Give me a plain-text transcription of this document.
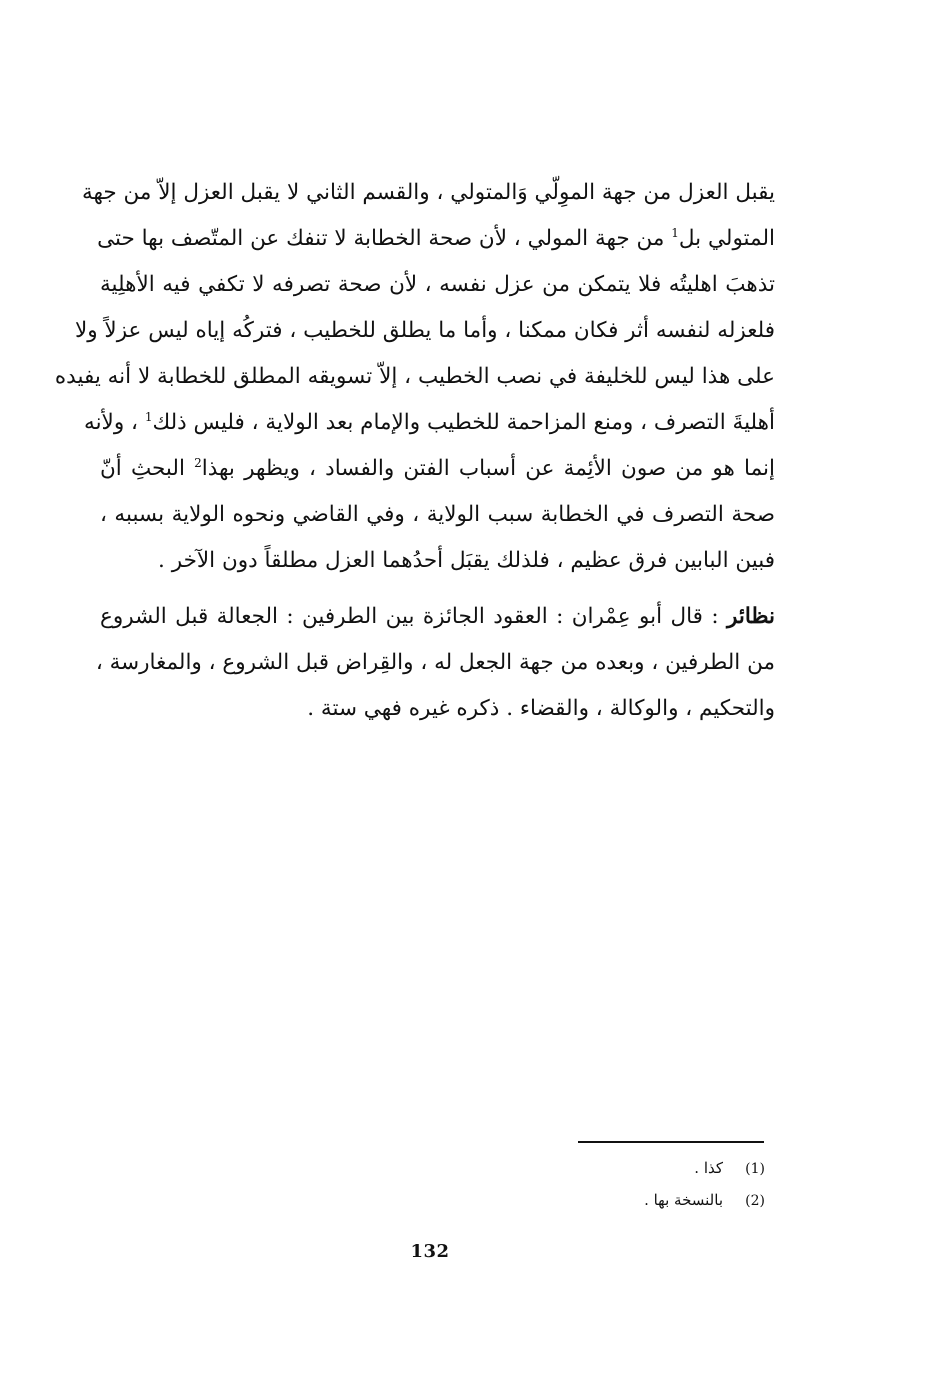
يقبل العزل من جهة الموِلّي وَالمتولي ، والقسم الثاني لا يقبل العزل إلاّ من جهة
المتولي بل$^1$ من جهة المولي ، لأن صحة الخطابة لا تنفك عن المتّصف بها حتى
تذهبَ اهليتُه فلا يتمكن من عزل نفسه ، لأن صحة تصرفه لا تكفي فيه الأهلِية
فلعزله لنفسه أثر فكان ممكنا ، وأما ما يطلق للخطيب ، فتركُه إياه ليس عزلاً ولا
على هذا ليس للخليفة في نصب الخطيب ، إلاّ تسويقه المطلق للخطابة لا أنه يفيده
أهليةَ التصرف ، ومنع المزاحمة للخطيب والإمام بعد الولاية ، فليس ذلك$^1$ ، ولأنه
إنما هو من صون الأئِمة عن أسباب الفتن والفساد ، ويظهر بهذا$^2$ البحثِ أنّ
صحة التصرف في الخطابة سبب الولاية ، وفي القاضي ونحوه الولاية بسببه ،
فبين البابين فرق عظيم ، فلذلك يقبَل أحدُهما العزل مطلقاً دون الآخر .
نظائر : قال أبو عِمْران : العقود الجائزة بين الطرفين : الجعالة قبل الشروع
من الطرفين ، وبعده من جهة الجعل له ، والقِراض قبل الشروع ، والمغارسة ،
والتحكيم ، والوكالة ، والقضاء . ذكره غيره فهي ستة .
(1)كذا .
(2)بالنسخة بها .
132
